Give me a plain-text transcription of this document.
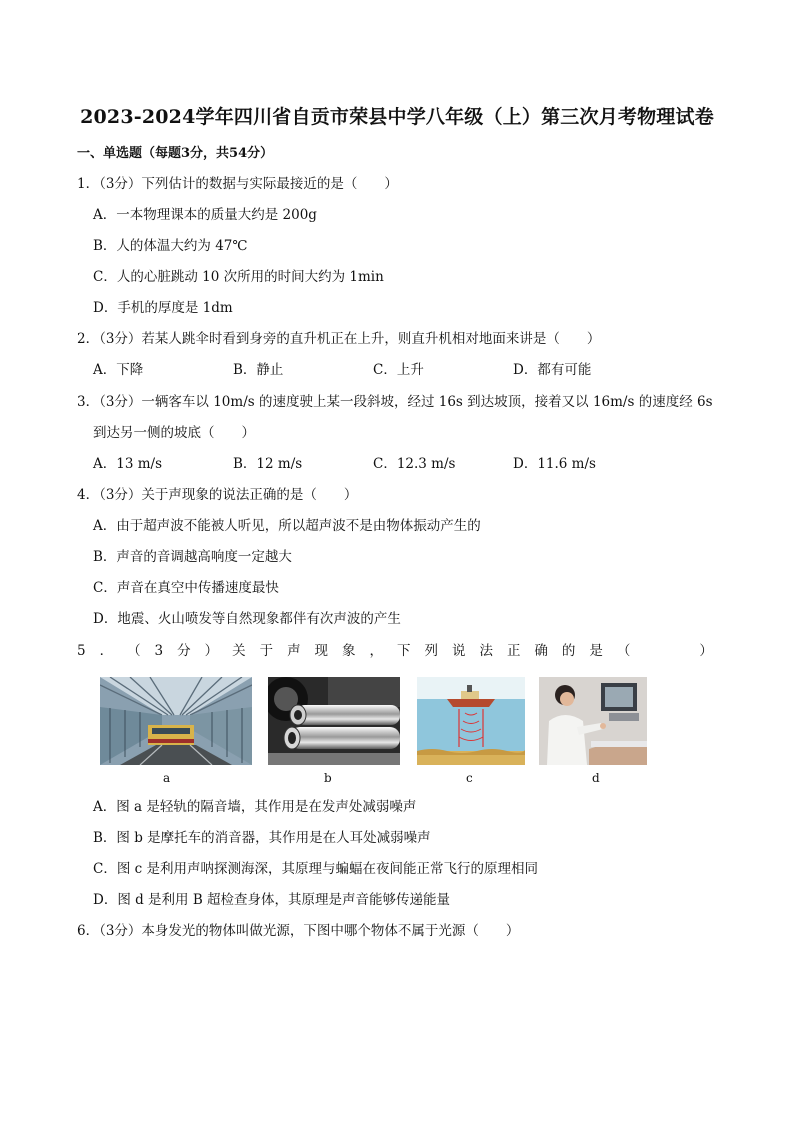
2023-2024学年四川省自贡市荣县中学八年级（上）第三次月考物理试卷
一、单选题（每题3分，共54分）
1．（3分）下列估计的数据与实际最接近的是（　　）
A．一本物理课本的质量大约是 200g
B．人的体温大约为 47℃
C．人的心脏跳动 10 次所用的时间大约为 1min
D．手机的厚度是 1dm
2．（3分）若某人跳伞时看到身旁的直升机正在上升，则直升机相对地面来讲是（　　）
A．下降	B．静止	C．上升	D．都有可能
3．（3分）一辆客车以 10m/s 的速度驶上某一段斜坡，经过 16s 到达坡顶，接着又以 16m/s 的速度经 6s
到达另一侧的坡底（　　）
A．13 m/s	B．12 m/s	C．12.3 m/s	D．11.6 m/s
4．（3分）关于声现象的说法正确的是（　　）
A．由于超声波不能被人听见，所以超声波不是由物体振动产生的
B．声音的音调越高响度一定越大
C．声音在真空中传播速度最快
D．地震、火山喷发等自然现象都伴有次声波的产生
5 ． （ 3 分 ） 关 于 声 现 象 ， 下 列 说 法 正 确 的 是 （

　	）
a	b	c	d
A．图 a 是轻轨的隔音墙，其作用是在发声处减弱噪声
B．图 b 是摩托车的消音器，其作用是在人耳处减弱噪声
C．图 c 是利用声呐探测海深，其原理与蝙蝠在夜间能正常飞行的原理相同
D．图 d 是利用 B 超检查身体，其原理是声音能够传递能量
6．（3分）本身发光的物体叫做光源，下图中哪个物体不属于光源（　　）
